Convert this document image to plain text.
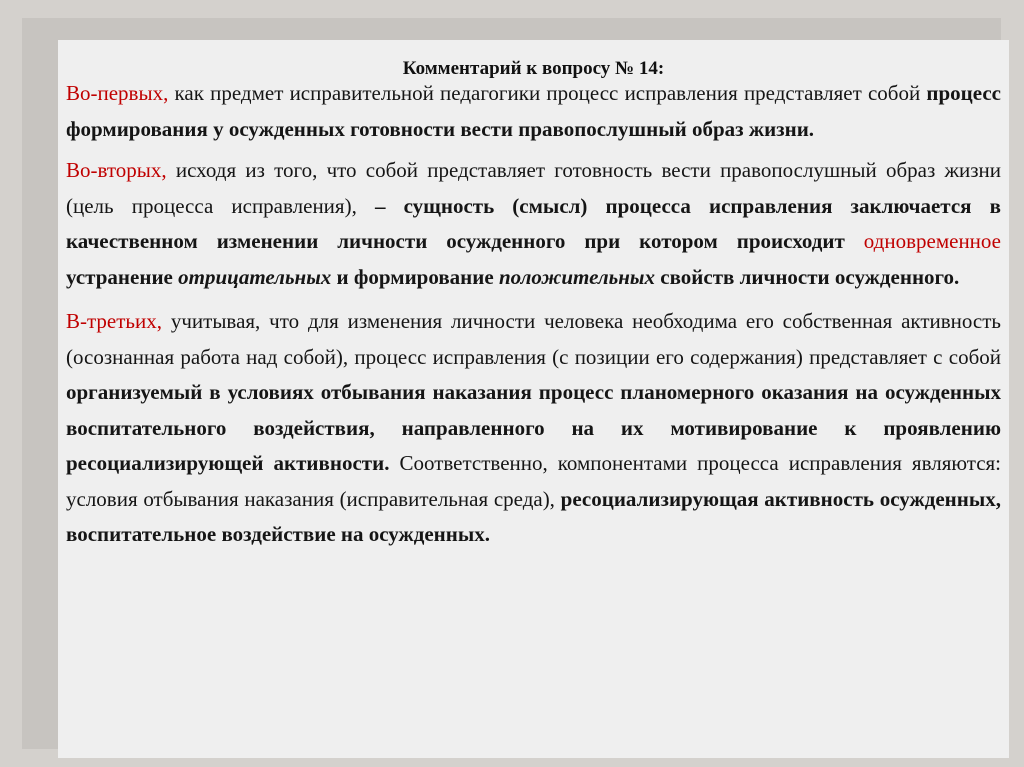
Комментарий к вопросу № 14:

Во-первых, как предмет исправительной педагогики процесс исправления представляет собой процесс формирования у осужденных готовности вести правопослушный образ жизни.

Во-вторых, исходя из того, что собой представляет готовность вести правопослушный образ жизни (цель процесса исправления), – сущность (смысл) процесса исправления заключается в качественном изменении личности осужденного при котором происходит одновременное устранение отрицательных и формирование положительных свойств личности осужденного.

В-третьих, учитывая, что для изменения личности человека необходима его собственная активность (осознанная работа над собой), процесс исправления (с позиции его содержания) представляет с собой организуемый в условиях отбывания наказания процесс планомерного оказания на осужденных воспитательного воздействия, направленного на их мотивирование к проявлению ресоциализирующей активности. Соответственно, компонентами процесса исправления являются: условия отбывания наказания (исправительная среда), ресоциализирующая активность осужденных, воспитательное воздействие на осужденных.
